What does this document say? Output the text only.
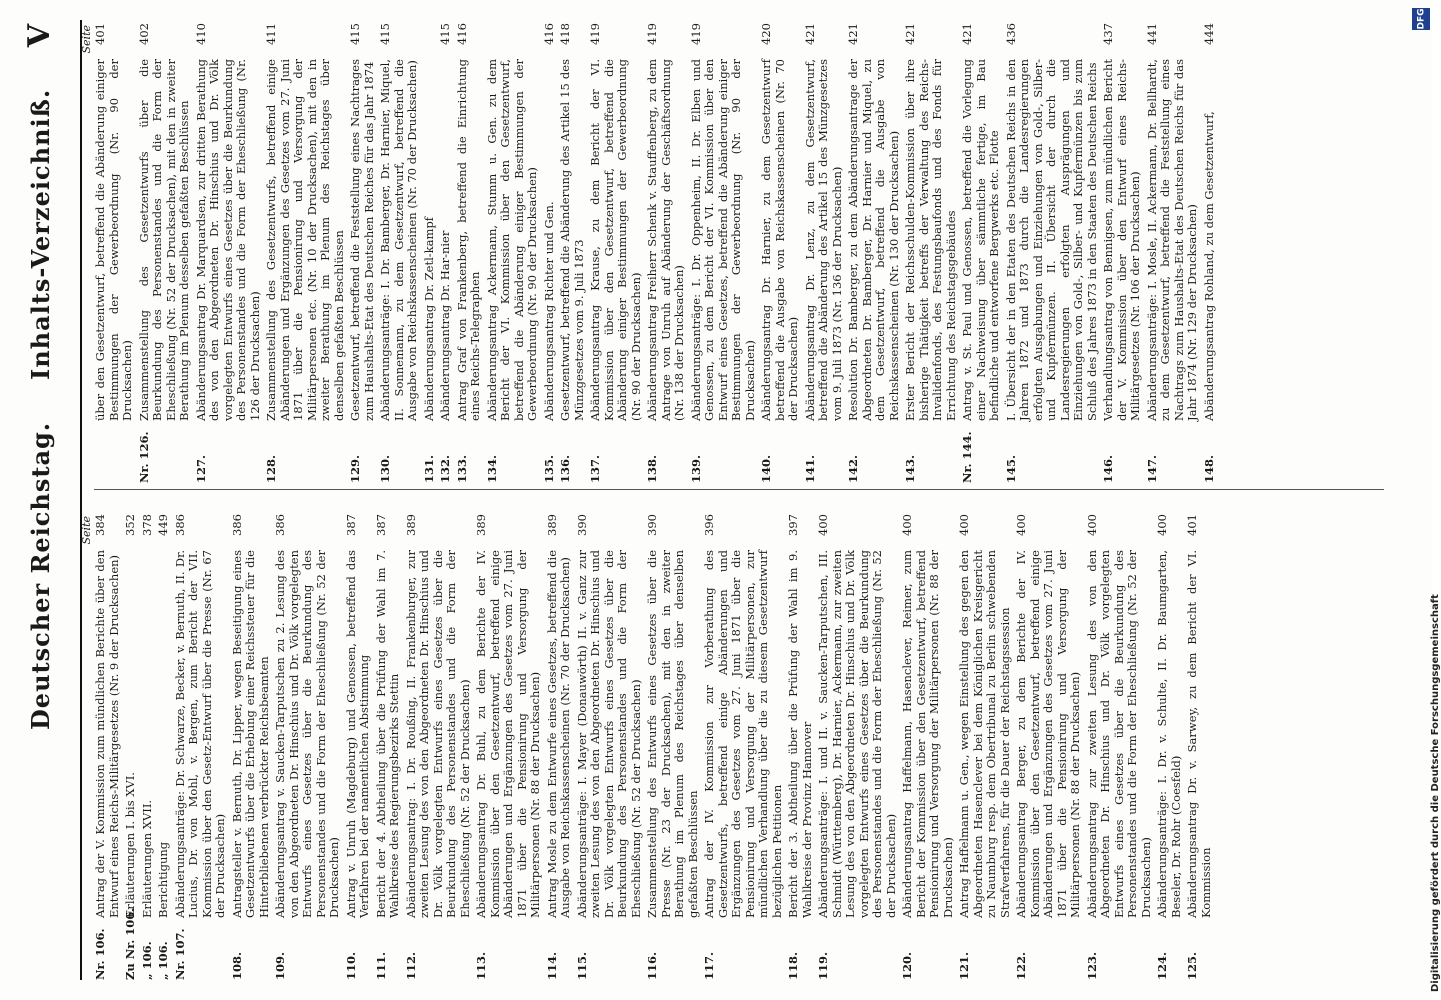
Deutscher Reichstag.
Inhalts-Verzeichniß.
V
Seite
Nr. 106.
Antrag der V. Kommission zum mündlichen Berichte über den Entwurf eines Reichs-Militärgesetzes (Nr. 9 der Drucksachen)
384
Zu Nr. 106.
Erläuterungen I. bis XVI.
352
„ 106.
Erläuterungen XVII.
378
„ 106.
Berichtigung
449
Nr. 107.
Abänderungsanträge: Dr. Schwarze, Becker, v. Bernuth, II. Dr. Lucius, Dr. von Mohl, v. Bergen, zum Bericht der VII. Kommission über den Gesetz-Entwurf über die Presse (Nr. 67 der Drucksachen)
386
108.
Antragsteller v. Bernuth, Dr. Lipper, wegen Beseitigung eines Gesetzentwurfs über die Erhebung einer Reichssteuer für die Hinterbliebenen verbrückter Reichsbeamten
386
109.
Abänderungsantrag v. Saucken-Tarputschen zu 2. Lesung des von den Abgeordneten Dr. Hinschius und Dr. Völk vorgelegten Entwurfs eines Gesetzes über die Beurkundung des Personenstandes und die Form der Eheschließung (Nr. 52 der Drucksachen)
386
110.
Antrag v. Unruh (Magdeburg) und Genossen, betreffend das Verfahren bei der namentlichen Abstimmung
387
111.
Bericht der 4. Abtheilung über die Prüfung der Wahl im 7. Wahlkreise des Regierungsbezirks Stettin
387
112.
Abänderungsantrag: I. Dr. Roußing, II. Frankenburger, zur zweiten Lesung des von den Abgeordneten Dr. Hinschius und Dr. Völk vorgelegten Entwurfs eines Gesetzes über die Beurkundung des Personenstandes und die Form der Eheschließung (Nr. 52 der Drucksachen)
389
113.
Abänderungsantrag Dr. Buhl, zu dem Berichte der IV. Kommission über den Gesetzentwurf, betreffend einige Abänderungen und Ergänzungen des Gesetzes vom 27. Juni 1871 über die Pensionirung und Versorgung der Militärpersonen (Nr. 88 der Drucksachen)
389
114.
Antrag Mosle zu dem Entwurfe eines Gesetzes, betreffend die Ausgabe von Reichskassenscheinen (Nr. 70 der Drucksachen)
389
115.
Abänderungsanträge: I. Mayer (Donauwörth) II. v. Ganz zur zweiten Lesung des von den Abgeordneten Dr. Hinschius und Dr. Völk vorgelegten Entwurfs eines Gesetzes über die Beurkundung des Personenstandes und die Form der Eheschließung (Nr. 52 der Drucksachen)
390
116.
Zusammenstellung des Entwurfs eines Gesetzes über die Presse (Nr. 23 der Drucksachen), mit den in zweiter Berathung im Plenum des Reichstages über denselben gefaßten Beschlüssen
390
117.
Antrag der IV. Kommission zur Vorberathung des Gesetzentwurfs, betreffend einige Abänderungen und Ergänzungen des Gesetzes vom 27. Juni 1871 über die Pensionirung und Versorgung der Militärpersonen, zur mündlichen Verhandlung über die zu diesem Gesetzentwurf bezüglichen Petitionen
396
118.
Bericht der 3. Abtheilung über die Prüfung der Wahl im 9. Wahlkreise der Provinz Hannover
397
119.
Abänderungsanträge: I. und II. v. Saucken-Tarputschen, III. Schmidt (Württemberg), Dr. Harnier, Ackermann, zur zweiten Lesung des von den Abgeordneten Dr. Hinschius und Dr. Völk vorgelegten Entwurfs eines Gesetzes über die Beurkundung des Personenstandes und die Form der Eheschließung (Nr. 52 der Drucksachen)
400
120.
Abänderungsantrag Haffelmann, Hasenclever, Reimer, zum Bericht der Kommission über den Gesetzentwurf, betreffend Pensionirung und Versorgung der Militärpersonen (Nr. 88 der Drucksachen)
400
121.
Antrag Haffelmann u. Gen., wegen Einstellung des gegen den Abgeordneten Hasenclever bei dem Königlichen Kreisgericht zu Naumburg resp. dem Obertribunal zu Berlin schwebenden Strafverfahrens, für die Dauer der Reichstagssession
400
122.
Abänderungsantrag Berger, zu dem Berichte der IV. Kommission über den Gesetzentwurf, betreffend einige Abänderungen und Ergänzungen des Gesetzes vom 27. Juni 1871 über die Pensionirung und Versorgung der Militärpersonen (Nr. 88 der Drucksachen)
400
123.
Abänderungsantrag zur zweiten Lesung des von den Abgeordneten Dr. Hinschius und Dr. Völk vorgelegten Entwurfs eines Gesetzes über die Beurkundung des Personenstandes und die Form der Eheschließung (Nr. 52 der Drucksachen)
400
124.
Abänderungsanträge: I. Dr. v. Schulte, II. Dr. Baumgarten, Beseler, Dr. Rohr (Coesfeld)
400
125.
Abänderungsantrag Dr. v. Sarwey, zu dem Bericht der VI. Kommission
401
Seite
über den Gesetzentwurf, betreffend die Abänderung einiger Bestimmungen der Gewerbeordnung (Nr. 90 der Drucksachen)
401
Nr. 126.
Zusammenstellung des Gesetzentwurfs über die Beurkundung des Personenstandes und die Form der Eheschließung (Nr. 52 der Drucksachen), mit den in zweiter Berathung im Plenum desselben gefaßten Beschlüssen
402
127.
Abänderungsantrag Dr. Marquardsen, zur dritten Berathung des von den Abgeordneten Dr. Hinschius und Dr. Völk vorgelegten Entwurfs eines Gesetzes über die Beurkundung des Personenstandes und die Form der Eheschließung (Nr. 126 der Drucksachen)
410
128.
Zusammenstellung des Gesetzentwurfs, betreffend einige Abänderungen und Ergänzungen des Gesetzes vom 27. Juni 1871 über die Pensionirung und Versorgung der Militärpersonen etc. (Nr. 10 der Drucksachen), mit den in zweiter Berathung im Plenum des Reichstages über denselben gefaßten Beschlüssen
411
129.
Gesetzentwurf, betreffend die Feststellung eines Nachtrages zum Haushalts-Etat des Deutschen Reiches für das Jahr 1874
415
130.
Abänderungsanträge: I. Dr. Bamberger, Dr. Harnier, Miquel, II. Sonnemann, zu dem Gesetzentwurf, betreffend die Ausgabe von Reichskassenscheinen (Nr. 70 der Drucksachen)
415
131.
Abänderungsantrag Dr. Zetl-kampf
132.
Abänderungsantrag Dr. Har-nier
415
133.
Antrag Graf von Frankenberg, betreffend die Einrichtung eines Reichs-Telegraphen
416
134.
Abänderungsantrag Ackermann, Stumm u. Gen. zu dem Bericht der VI. Kommission über den Gesetzentwurf, betreffend die Abänderung einiger Bestimmungen der Gewerbeordnung (Nr. 90 der Drucksachen)
135.
Abänderungsantrag Richter und Gen.
416
136.
Gesetzentwurf, betreffend die Abänderung des Artikel 15 des Münzgesetzes vom 9. Juli 1873
418
137.
Abänderungsantrag Krause, zu dem Bericht der VI. Kommission über den Gesetzentwurf, betreffend die Abänderung einiger Bestimmungen der Gewerbeordnung (Nr. 90 der Drucksachen)
419
138.
Abänderungsantrag Freiherr Schenk v. Stauffenberg, zu dem Antrage von Unruh auf Abänderung der Geschäftsordnung (Nr. 138 der Drucksachen)
419
139.
Abänderungsanträge: I. Dr. Oppenheim, II. Dr. Elben und Genossen, zu dem Bericht der VI. Kommission über den Entwurf eines Gesetzes, betreffend die Abänderung einiger Bestimmungen der Gewerbeordnung (Nr. 90 der Drucksachen)
419
140.
Abänderungsantrag Dr. Harnier, zu dem Gesetzentwurf betreffend die Ausgabe von Reichskassenscheinen (Nr. 70 der Drucksachen)
420
141.
Abänderungsantrag Dr. Lenz, zu dem Gesetzentwurf, betreffend die Abänderung des Artikel 15 des Münzgesetzes vom 9. Juli 1873 (Nr. 136 der Drucksachen)
421
142.
Resolution Dr. Bamberger, zu dem Abänderungsantrage der Abgeordneten Dr. Bamberger, Dr. Harnier und Miquel, zu dem Gesetzentwurf, betreffend die Ausgabe von Reichskassenscheinen (Nr. 130 der Drucksachen)
421
143.
Erster Bericht der Reichsschulden-Kommission über ihre bisherige Thätigkeit betreffs der Verwaltung des Reichs-Invalidenfonds, des Festungsbaufonds und des Fonds für Errichtung des Reichstagsgebäudes
421
Nr. 144.
Antrag v. St. Paul und Genossen, betreffend die Vorlegung einer Nachweisung über sämmtliche fertige, im Bau befindliche und entworfene Bergwerks etc. Flotte
421
145.
I. Übersicht der in den Etaten des Deutschen Reichs in den Jahren 1872 und 1873 durch die Landesregierungen erfolgten Ausgabungen und Einziehungen von Gold-, Silber- und Kupfermünzen. II. Übersicht der durch die Landesregierungen erfolgten Ausprägungen und Einziehungen von Gold-, Silber- und Kupfermünzen bis zum Schluß des Jahres 1873 in den Staaten des Deutschen Reichs
436
146.
Verhandlungsantrag von Bennigsen, zum mündlichen Bericht der V. Kommission über den Entwurf eines Reichs-Militärgesetzes (Nr. 106 der Drucksachen)
437
147.
Abänderungsanträge: I. Mosle, II. Ackermann, Dr. Bellhardt, zu dem Gesetzentwurf, betreffend die Feststellung eines Nachtrags zum Haushalts-Etat des Deutschen Reichs für das Jahr 1874 (Nr. 129 der Drucksachen)
441
148.
Abänderungsantrag Rohland, zu dem Gesetzentwurf,
444
DFG
Digitalisierung gefördert durch die Deutsche Forschungsgemeinschaft
